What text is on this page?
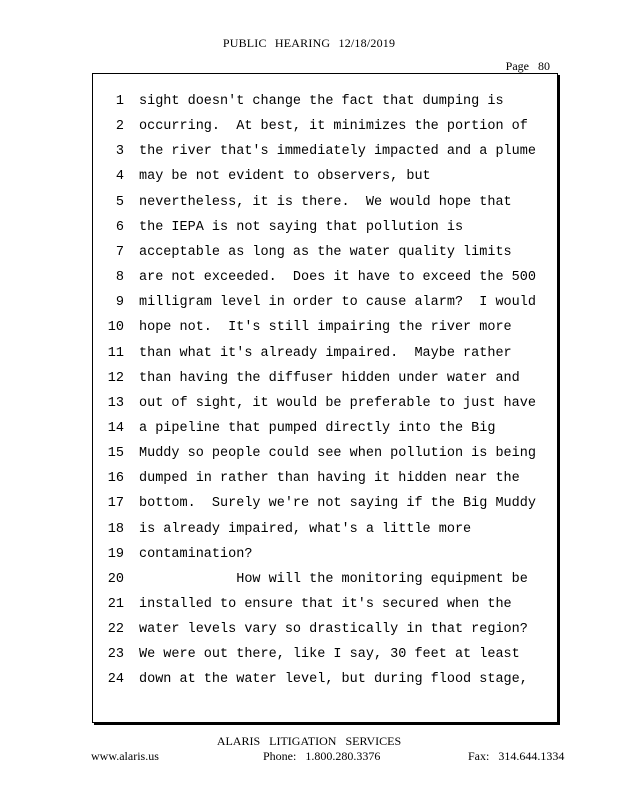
PUBLIC HEARING 12/18/2019
Page 80
1 sight doesn't change the fact that dumping is
2 occurring.  At best, it minimizes the portion of
3 the river that's immediately impacted and a plume
4 may be not evident to observers, but
5 nevertheless, it is there.  We would hope that
6 the IEPA is not saying that pollution is
7 acceptable as long as the water quality limits
8 are not exceeded.  Does it have to exceed the 500
9 milligram level in order to cause alarm?  I would
10 hope not.  It's still impairing the river more
11 than what it's already impaired.  Maybe rather
12 than having the diffuser hidden under water and
13 out of sight, it would be preferable to just have
14 a pipeline that pumped directly into the Big
15 Muddy so people could see when pollution is being
16 dumped in rather than having it hidden near the
17 bottom.  Surely we're not saying if the Big Muddy
18 is already impaired, what's a little more
19 contamination?
20 How will the monitoring equipment be
21 installed to ensure that it's secured when the
22 water levels vary so drastically in that region?
23 We were out there, like I say, 30 feet at least
24 down at the water level, but during flood stage,
ALARIS LITIGATION SERVICES
www.alaris.us	Phone: 1.800.280.3376	Fax: 314.644.1334
